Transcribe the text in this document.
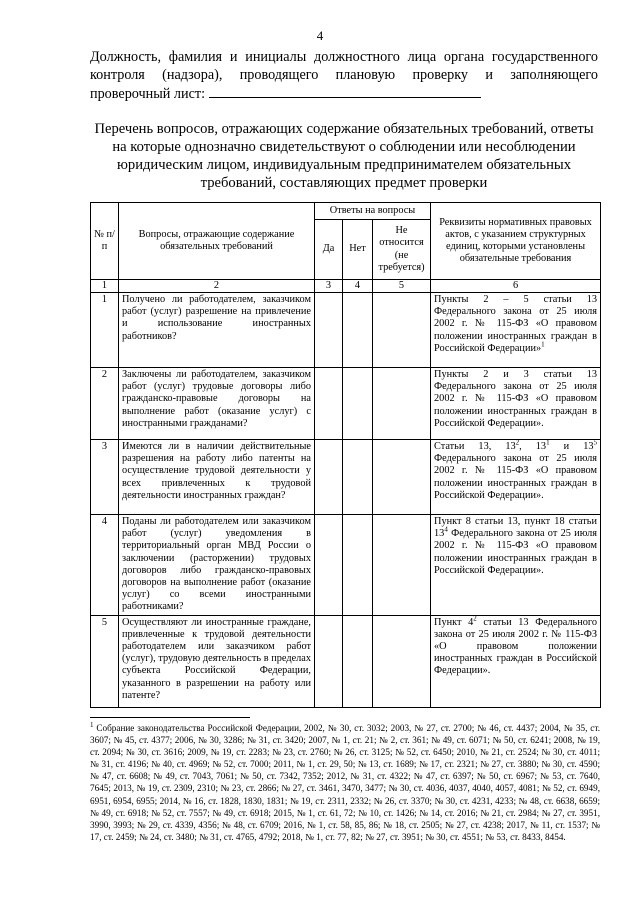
4
Должность, фамилия и инициалы должностного лица органа государственного контроля (надзора), проводящего плановую проверку и заполняющего проверочный лист:
Перечень вопросов, отражающих содержание обязательных требований, ответы на которые однозначно свидетельствуют о соблюдении или несоблюдении юридическим лицом, индивидуальным предпринимателем обязательных требований, составляющих предмет проверки
№ п/п	Вопросы, отражающие содержание обязательных требований	Ответы на вопросы			Реквизиты нормативных правовых актов, с указанием структурных единиц, которыми установлены обязательные требования
		Да	Нет	Не относится (не требуется)	
1	2	3	4	5	6
1	Получено ли работодателем, заказчиком работ (услуг) разрешение на привлечение и использование иностранных работников?				Пункты 2 – 5 статьи 13 Федерального закона от 25 июля 2002 г. № 115-ФЗ «О правовом положении иностранных граждан в Российской Федерации»$^1$
2	Заключены ли работодателем, заказчиком работ (услуг) трудовые договоры либо гражданско-правовые договоры на выполнение работ (оказание услуг) с иностранными гражданами?				Пункты 2 и 3 статьи 13 Федерального закона от 25 июля 2002 г. № 115-ФЗ «О правовом положении иностранных граждан в Российской Федерации».
3	Имеются ли в наличии действительные разрешения на работу либо патенты на осуществление трудовой деятельности у всех привлеченных к трудовой деятельности иностранных граждан?				Статьи 13, $13^2$, $13^1$ и $13^5$ Федерального закона от 25 июля 2002 г. № 115-ФЗ «О правовом положении иностранных граждан в Российской Федерации».
4	Поданы ли работодателем или заказчиком работ (услуг) уведомления в территориальный орган МВД России о заключении (расторжении) трудовых договоров либо гражданско-правовых договоров на выполнение работ (оказание услуг) со всеми иностранными работниками?				Пункт 8 статьи 13, пункт 18 статьи $13^4$ Федерального закона от 25 июля 2002 г. № 115-ФЗ «О правовом положении иностранных граждан в Российской Федерации».
5	Осуществляют ли иностранные граждане, привлеченные к трудовой деятельности работодателем или заказчиком работ (услуг), трудовую деятельность в пределах субъекта Российской Федерации, указанного в разрешении на работу или патенте?				Пункт $4^2$ статьи 13 Федерального закона от 25 июля 2002 г. № 115-ФЗ «О правовом положении иностранных граждан в Российской Федерации».
$^1$ Собрание законодательства Российской Федерации, 2002, № 30, ст. 3032; 2003, № 27, ст. 2700; № 46, ст. 4437; 2004, № 35, ст. 3607; № 45, ст. 4377; 2006, № 30, 3286; № 31, ст. 3420; 2007, № 1, ст. 21; № 2, ст. 361; № 49, ст. 6071; № 50, ст. 6241; 2008, № 19, ст. 2094; № 30, ст. 3616; 2009, № 19, ст. 2283; № 23, ст. 2760; № 26, ст. 3125; № 52, ст. 6450; 2010, № 21, ст. 2524; № 30, ст. 4011; № 31, ст. 4196; № 40, ст. 4969; № 52, ст. 7000; 2011, № 1, ст. 29, 50; № 13, ст. 1689; № 17, ст. 2321; № 27, ст. 3880; № 30, ст. 4590; № 47, ст. 6608; № 49, ст. 7043, 7061; № 50, ст. 7342, 7352; 2012, № 31, ст. 4322; № 47, ст. 6397; № 50, ст. 6967; № 53, ст. 7640, 7645; 2013, № 19, ст. 2309, 2310; № 23, ст. 2866; № 27, ст. 3461, 3470, 3477; № 30, ст. 4036, 4037, 4040, 4057, 4081; № 52, ст. 6949, 6951, 6954, 6955; 2014, № 16, ст. 1828, 1830, 1831; № 19, ст. 2311, 2332; № 26, ст. 3370; № 30, ст. 4231, 4233; № 48, ст. 6638, 6659; № 49, ст. 6918; № 52, ст. 7557; № 49, ст. 6918; 2015, № 1, ст. 61, 72; № 10, ст. 1426; № 14, ст. 2016; № 21, ст. 2984; № 27, ст. 3951, 3990, 3993; № 29, ст. 4339, 4356; № 48, ст. 6709; 2016, № 1, ст. 58, 85, 86; № 18, ст. 2505; № 27, ст. 4238; 2017, № 11, ст. 1537; № 17, ст. 2459; № 24, ст. 3480; № 31, ст. 4765, 4792; 2018, № 1, ст. 77, 82; № 27, ст. 3951; № 30, ст. 4551; № 53, ст. 8433, 8454.
